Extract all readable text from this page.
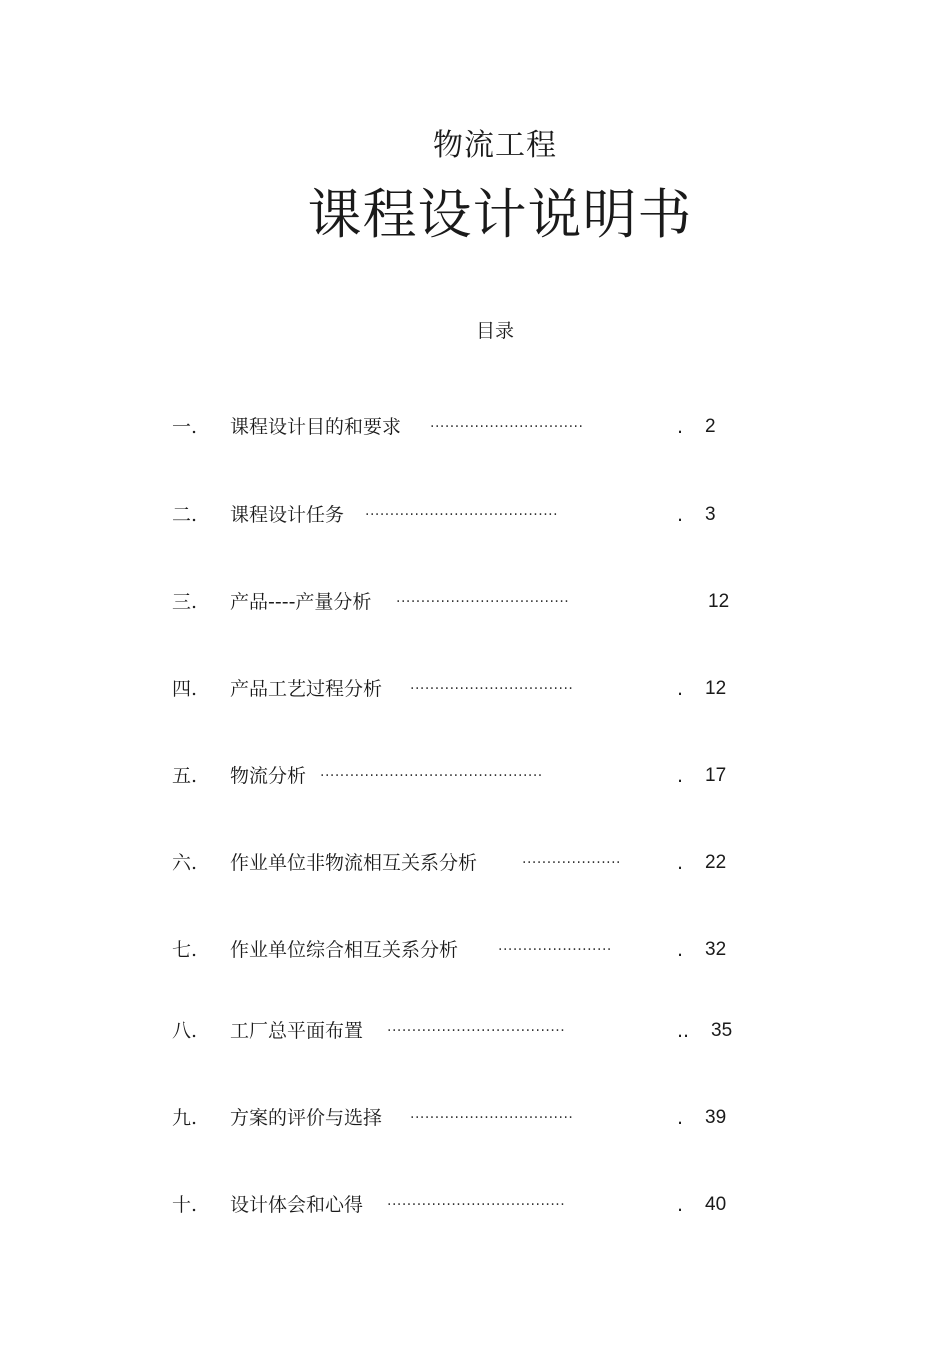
物流工程

课程设计说明书

目录

一. 课程设计目的和要求 ·······························	. 2
二. 课程设计任务 ·······································	. 3
三. 产品----产量分析 ···································	12
四. 产品工艺过程分析 ·································	. 12
五. 物流分析 ·············································	. 17
六. 作业单位非物流相互关系分析	····················	. 22
七. 作业单位综合相互关系分析	·······················	. 32
八. 工厂总平面布置 ····································	.. 35
九. 方案的评价与选择 ·································	. 39
十. 设计体会和心得 ····································	. 40
